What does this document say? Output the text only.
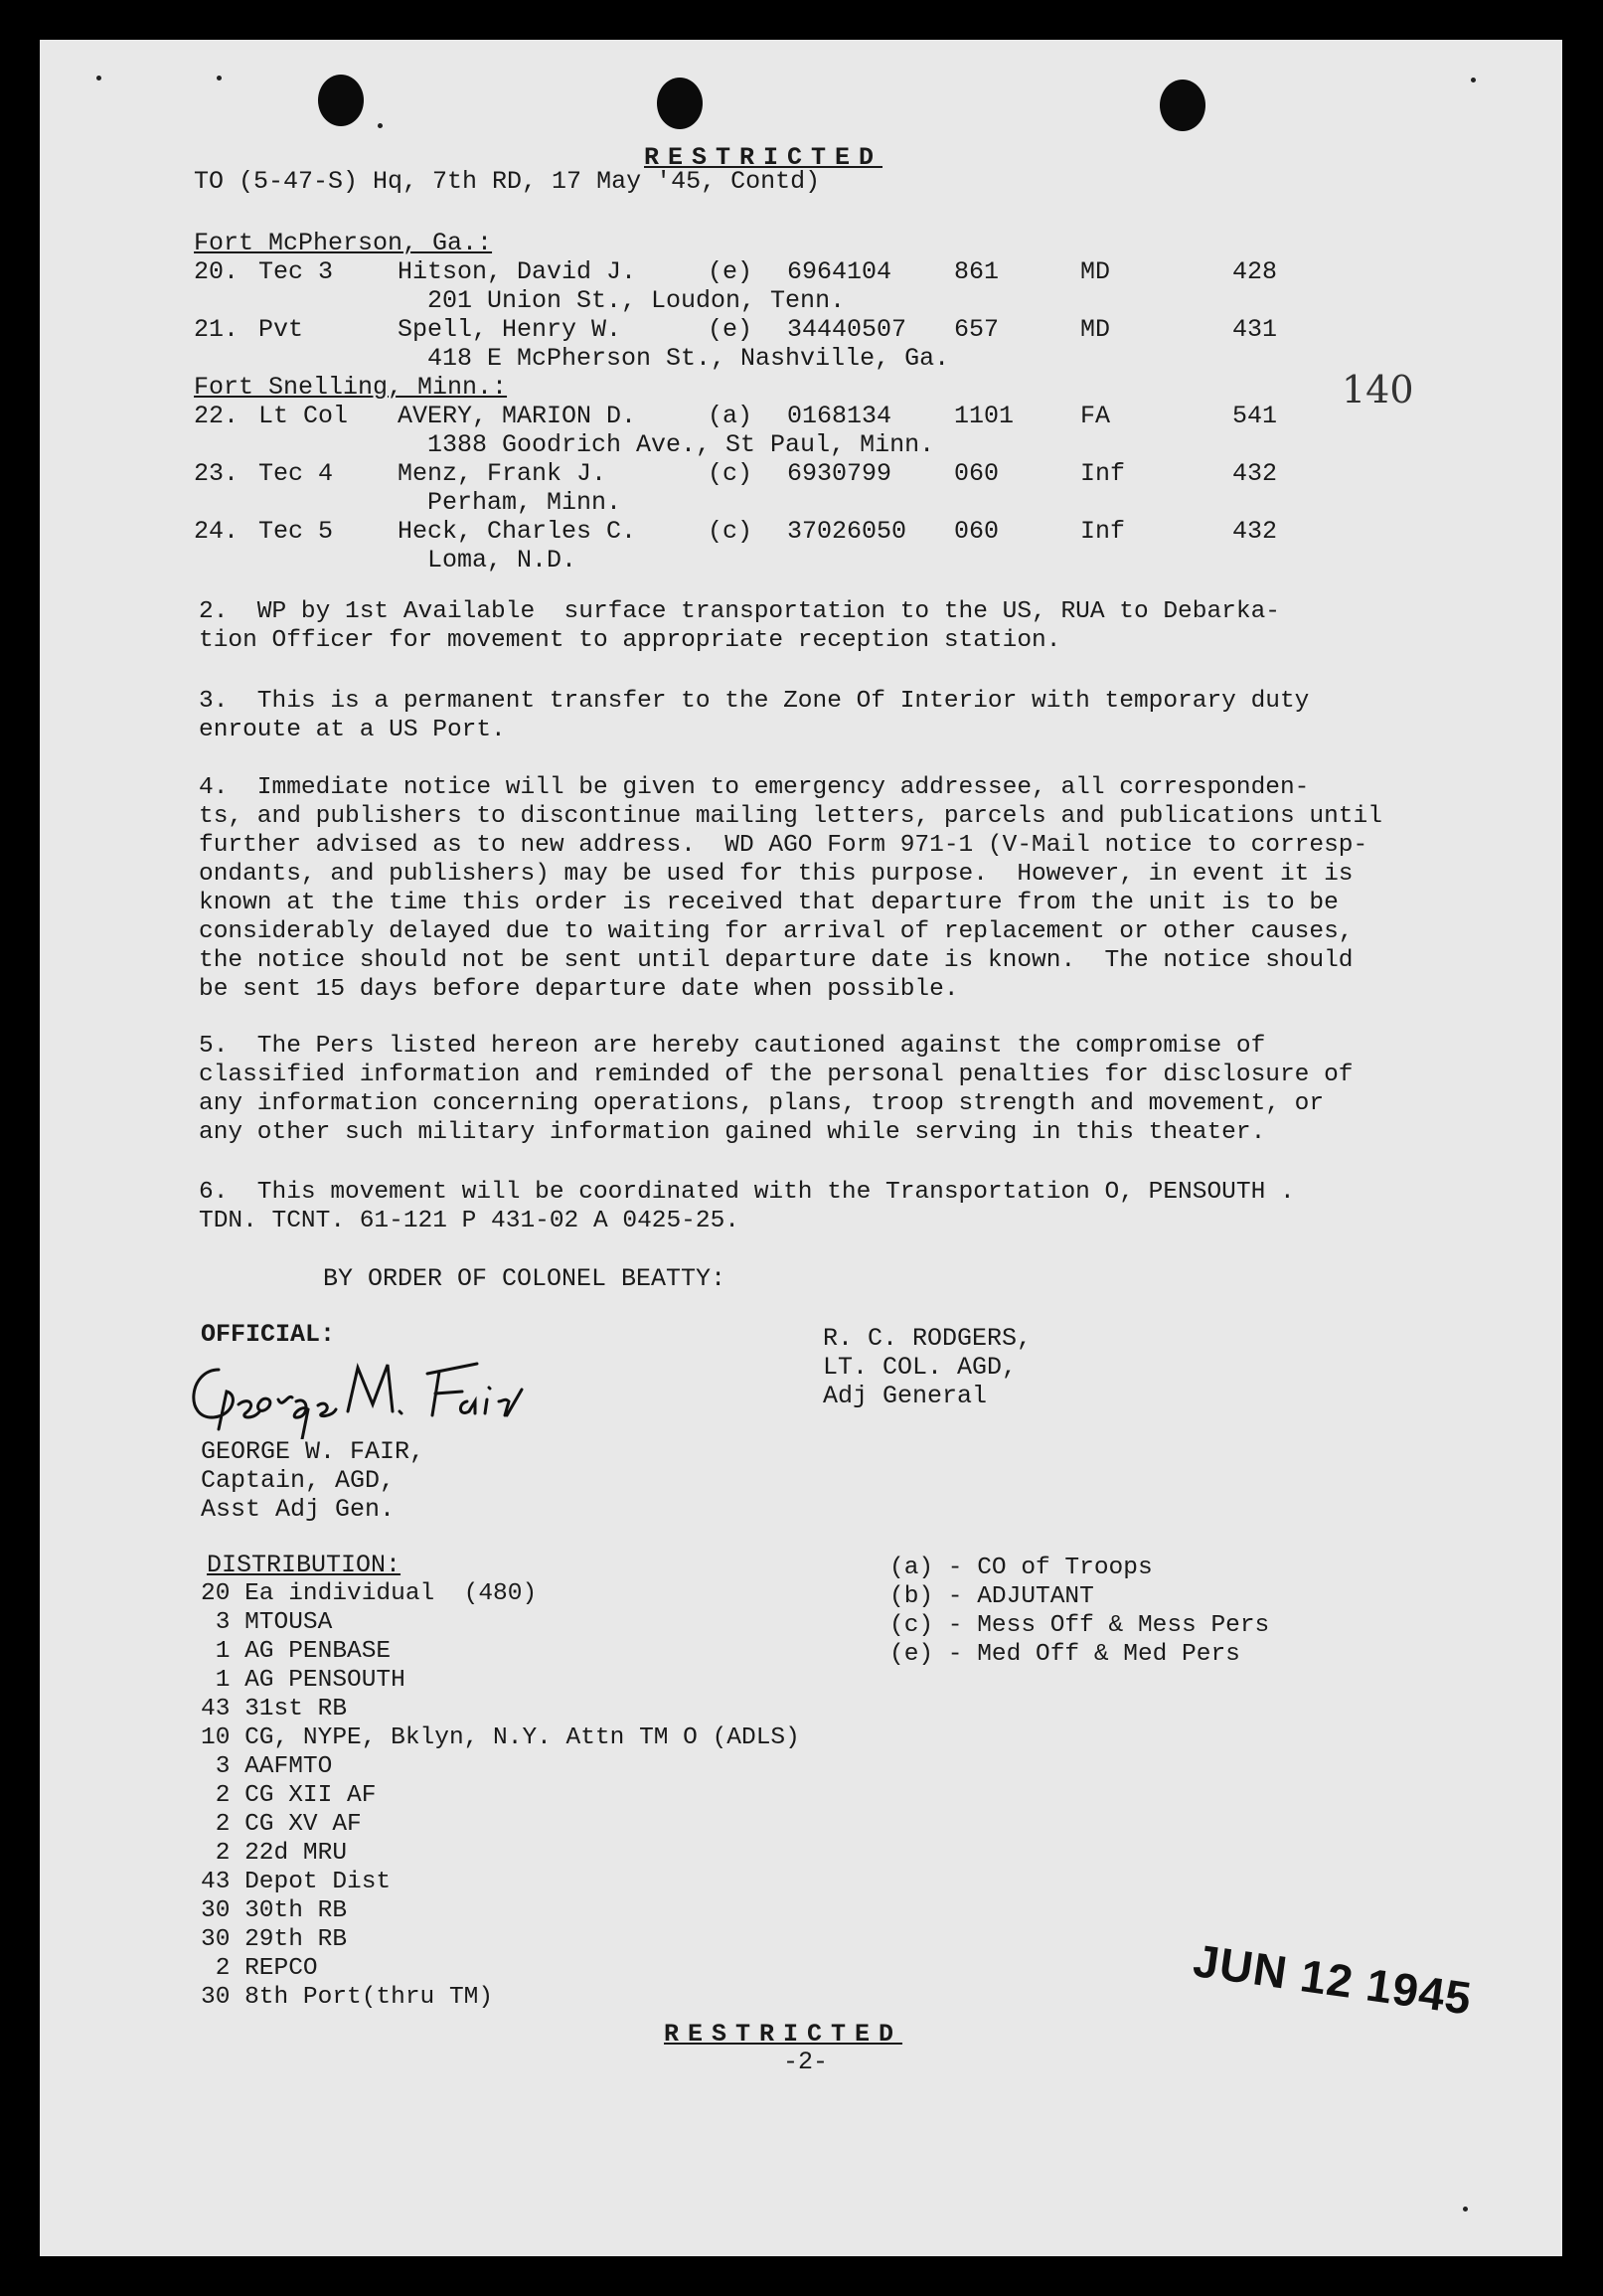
RESTRICTED
TO (5-47-S) Hq, 7th RD, 17 May '45, Contd)
140
2.  WP by 1st Available  surface transportation to the US, RUA to Debarka-
tion Officer for movement to appropriate reception station.
3.  This is a permanent transfer to the Zone Of Interior with temporary duty
enroute at a US Port.
4.  Immediate notice will be given to emergency addressee, all corresponden-
ts, and publishers to discontinue mailing letters, parcels and publications until
further advised as to new address.  WD AGO Form 971-1 (V-Mail notice to corresp-
ondants, and publishers) may be used for this purpose.  However, in event it is
known at the time this order is received that departure from the unit is to be
considerably delayed due to waiting for arrival of replacement or other causes,
the notice should not be sent until departure date is known.  The notice should
be sent 15 days before departure date when possible.
5.  The Pers listed hereon are hereby cautioned against the compromise of
classified information and reminded of the personal penalties for disclosure of
any information concerning operations, plans, troop strength and movement, or
any other such military information gained while serving in this theater.
6.  This movement will be coordinated with the Transportation O, PENSOUTH .
TDN. TCNT. 61-121 P 431-02 A 0425-25.
BY ORDER OF COLONEL BEATTY:
OFFICIAL:
GEORGE W. FAIR,
Captain, AGD,
Asst Adj Gen.
R. C. RODGERS,
LT. COL. AGD,
Adj General
DISTRIBUTION:
RESTRICTED
-2-
JUN 12 1945
Fort McPherson, Ga.:
20. Tec 3	Hitson, David J.	(e) 6964104	861	MD	428
201 Union St., Loudon, Tenn.
21. Pvt	Spell, Henry W.	(e) 34440507 657	MD	431
418 E McPherson St., Nashville, Ga.
Fort Snelling, Minn.:
22. Lt Col AVERY, MARION D.	(a) 0168134	1101	FA	541
1388 Goodrich Ave., St Paul, Minn.
23. Tec 4	Menz, Frank J.	(c) 6930799	060	Inf	432
Perham, Minn.
24. Tec 5	Heck, Charles C.	(c) 37026050 060	Inf	432
Loma, N.D.
20 Ea individual  (480)
3 MTOUSA
1 AG PENBASE
1 AG PENSOUTH
43 31st RB
10 CG, NYPE, Bklyn, N.Y. Attn TM O (ADLS)
3 AAFMTO
2 CG XII AF
2 CG XV AF
2 22d MRU
43 Depot Dist
30 30th RB
30 29th RB
2 REPCO
30 8th Port(thru TM)
(a) - CO of Troops
(b) - ADJUTANT
(c) - Mess Off & Mess Pers
(e) - Med Off & Med Pers
